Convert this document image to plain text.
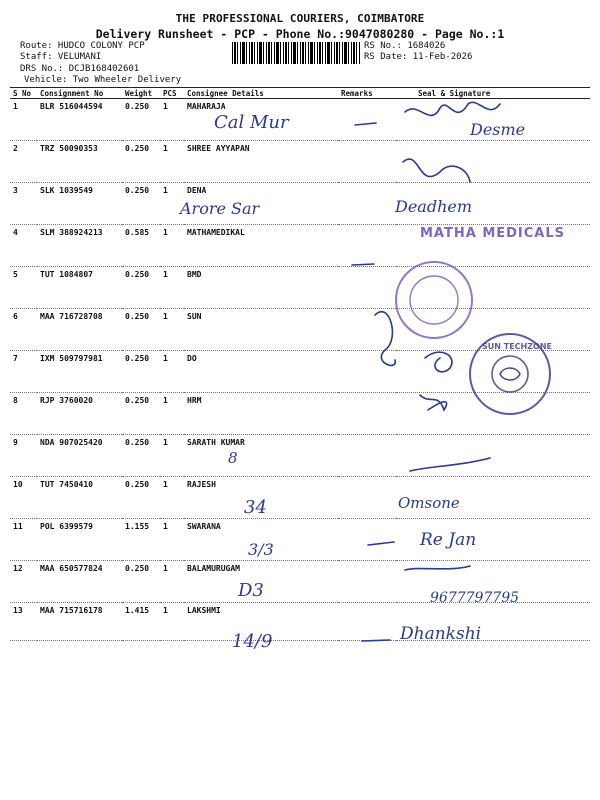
THE PROFESSIONAL COURIERS, COIMBATORE
Delivery Runsheet - PCP - Phone No.:9047080280 - Page No.:1
Route: HUDCO COLONY PCP
Staff: VELUMANI
DRS No.: DCJB168402601
Vehicle: Two Wheeler Delivery
RS No.: 1684026
RS Date: 11-Feb-2026
S No	Consignment No	Weight	PCS	Consignee Details	Remarks	Seal & Signature
1	BLR 516044594	0.250	1	MAHARAJA		
2	TRZ 50090353	0.250	1	SHREE AYYAPAN		
3	SLK 1039549	0.250	1	DENA		
4	SLM 388924213	0.585	1	MATHAMEDIKAL		
5	TUT 1084807	0.250	1	BMD		
6	MAA 716728708	0.250	1	SUN		
7	IXM 509797981	0.250	1	DO		
8	RJP 3760020	0.250	1	HRM		
9	NDA 907025420	0.250	1	SARATH KUMAR		
10	TUT 7450410	0.250	1	RAJESH		
11	POL 6399579	1.155	1	SWARANA		
12	MAA 650577824	0.250	1	BALAMURUGAM		
13	MAA 715716178	1.415	1	LAKSHMI		
Cal Mur	Desme
Arore Sar	Deadhem
8
34	Omsone
3/3	Re Jan
D3	9677797795
14/9	Dhankshi
MATHA MEDICALS
SUN TECHZONE
